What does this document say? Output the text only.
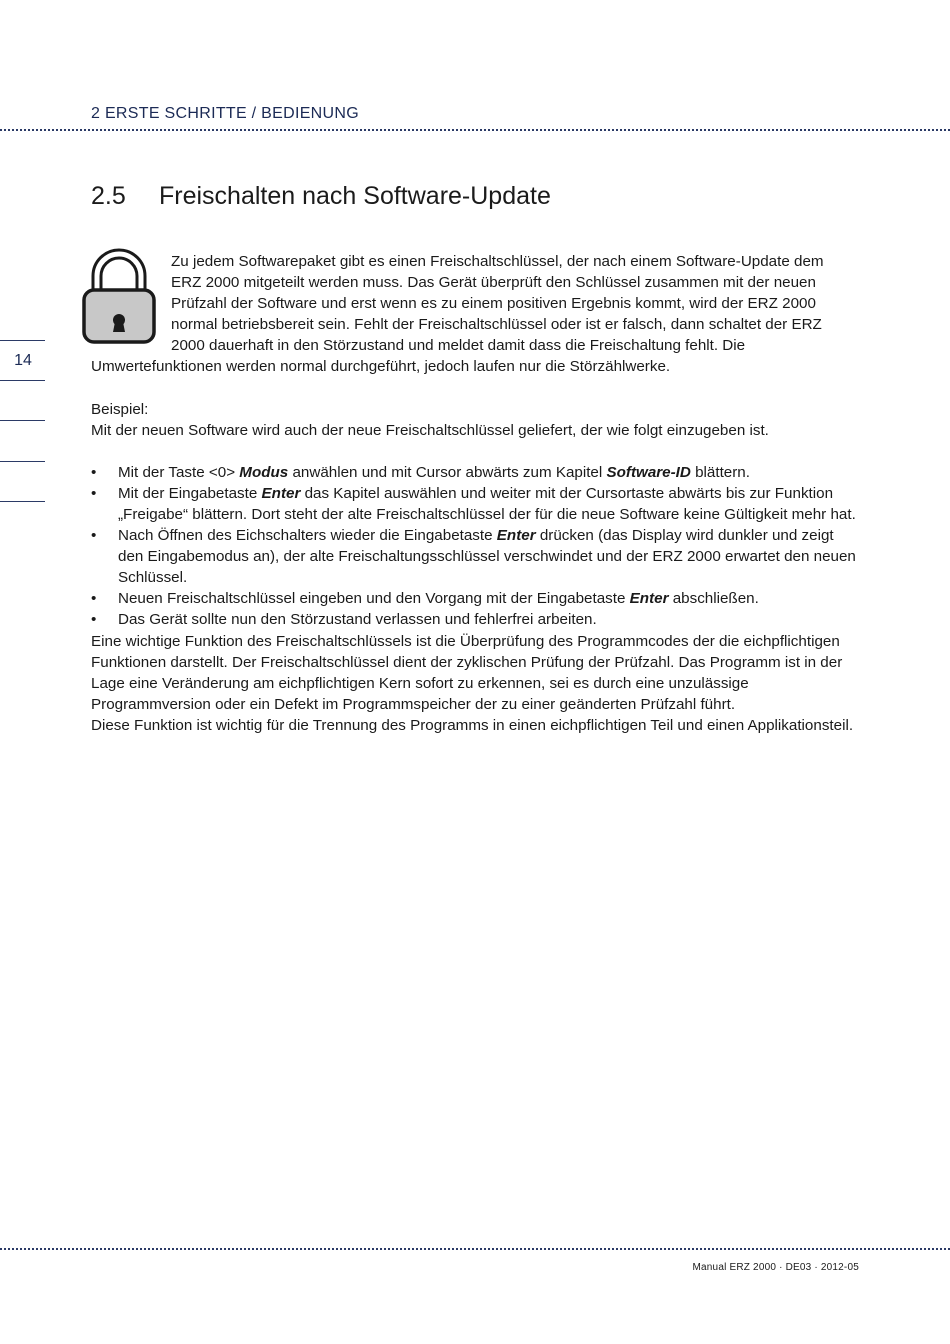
2 ERSTE SCHRITTE / BEDIENUNG
14
2.5 Freischalten nach Software-Update

Zu jedem Softwarepaket gibt es einen Freischaltschlüssel, der nach einem Software-Update dem
ERZ 2000 mitgeteilt werden muss. Das Gerät überprüft den Schlüssel zusammen mit der neuen
Prüfzahl der Software und erst wenn es zu einem positiven Ergebnis kommt, wird der ERZ 2000
normal betriebsbereit sein. Fehlt der Freischaltschlüssel oder ist er falsch, dann schaltet der ERZ
2000 dauerhaft in den Störzustand und meldet damit dass die Freischaltung fehlt. Die
Umwertefunktionen werden normal durchgeführt, jedoch laufen nur die Störzählwerke.

Beispiel:

Mit der neuen Software wird auch der neue Freischaltschlüssel geliefert, der wie folgt einzugeben ist.

• Mit der Taste <0> Modus anwählen und mit Cursor abwärts zum Kapitel Software-ID blättern.
• Mit der Eingabetaste Enter das Kapitel auswählen und weiter mit der Cursortaste abwärts bis zur Funktion „Freigabe“ blättern. Dort steht der alte Freischaltschlüssel der für die neue Software keine Gültigkeit mehr hat.
• Nach Öffnen des Eichschalters wieder die Eingabetaste Enter drücken (das Display wird dunkler und zeigt den Eingabemodus an), der alte Freischaltungsschlüssel verschwindet und der ERZ 2000 erwartet den neuen Schlüssel.
• Neuen Freischaltschlüssel eingeben und den Vorgang mit der Eingabetaste Enter abschließen.
• Das Gerät sollte nun den Störzustand verlassen und fehlerfrei arbeiten.

Eine wichtige Funktion des Freischaltschlüssels ist die Überprüfung des Programmcodes der die eichpflichtigen Funktionen darstellt. Der Freischaltschlüssel dient der zyklischen Prüfung der Prüfzahl. Das Programm ist in der Lage eine Veränderung am eichpflichtigen Kern sofort zu erkennen, sei es durch eine unzulässige Programmversion oder ein Defekt im Programmspeicher der zu einer geänderten Prüfzahl führt.

Diese Funktion ist wichtig für die Trennung des Programms in einen eichpflichtigen Teil und einen Applikationsteil.

Manual ERZ 2000 · DE03 · 2012-05
